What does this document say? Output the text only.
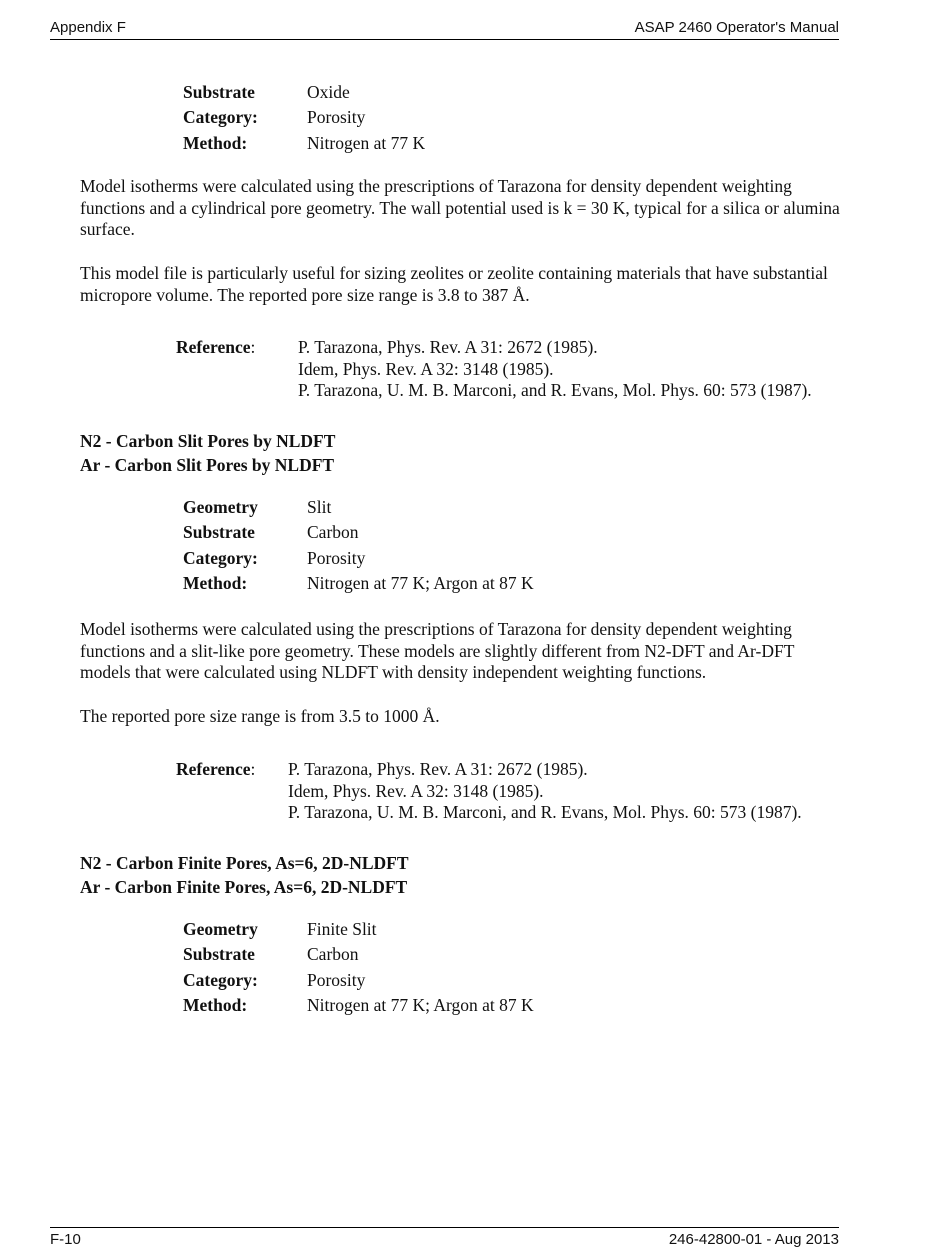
Appendix F	ASAP 2460 Operator's Manual
Substrate	Oxide
Category:	Porosity
Method:	Nitrogen at 77 K

Model isotherms were calculated using the prescriptions of Tarazona for density dependent weighting functions and a cylindrical pore geometry. The wall potential used is k = 30 K, typical for a silica or alumina surface.

This model file is particularly useful for sizing zeolites or zeolite containing materials that have substantial micropore volume. The reported pore size range is 3.8 to 387 Å.

Reference: P. Tarazona, Phys. Rev. A 31: 2672 (1985).
Idem, Phys. Rev. A 32: 3148 (1985).
P. Tarazona, U. M. B. Marconi, and R. Evans, Mol. Phys. 60: 573 (1987).
N2 - Carbon Slit Pores by NLDFT
Ar - Carbon Slit Pores by NLDFT
Geometry	Slit
Substrate	Carbon
Category:	Porosity
Method:	Nitrogen at 77 K; Argon at 87 K

Model isotherms were calculated using the prescriptions of Tarazona for density dependent weighting functions and a slit-like pore geometry. These models are slightly different from N2-DFT and Ar-DFT models that were calculated using NLDFT with density independent weighting functions.

The reported pore size range is from 3.5 to 1000 Å.

Reference: P. Tarazona, Phys. Rev. A 31: 2672 (1985).
Idem, Phys. Rev. A 32: 3148 (1985).
P. Tarazona, U. M. B. Marconi, and R. Evans, Mol. Phys. 60: 573 (1987).
N2 - Carbon Finite Pores, As=6, 2D-NLDFT
Ar - Carbon Finite Pores, As=6, 2D-NLDFT
Geometry	Finite Slit
Substrate	Carbon
Category:	Porosity
Method:	Nitrogen at 77 K; Argon at 87 K
F-10	246-42800-01 - Aug 2013
